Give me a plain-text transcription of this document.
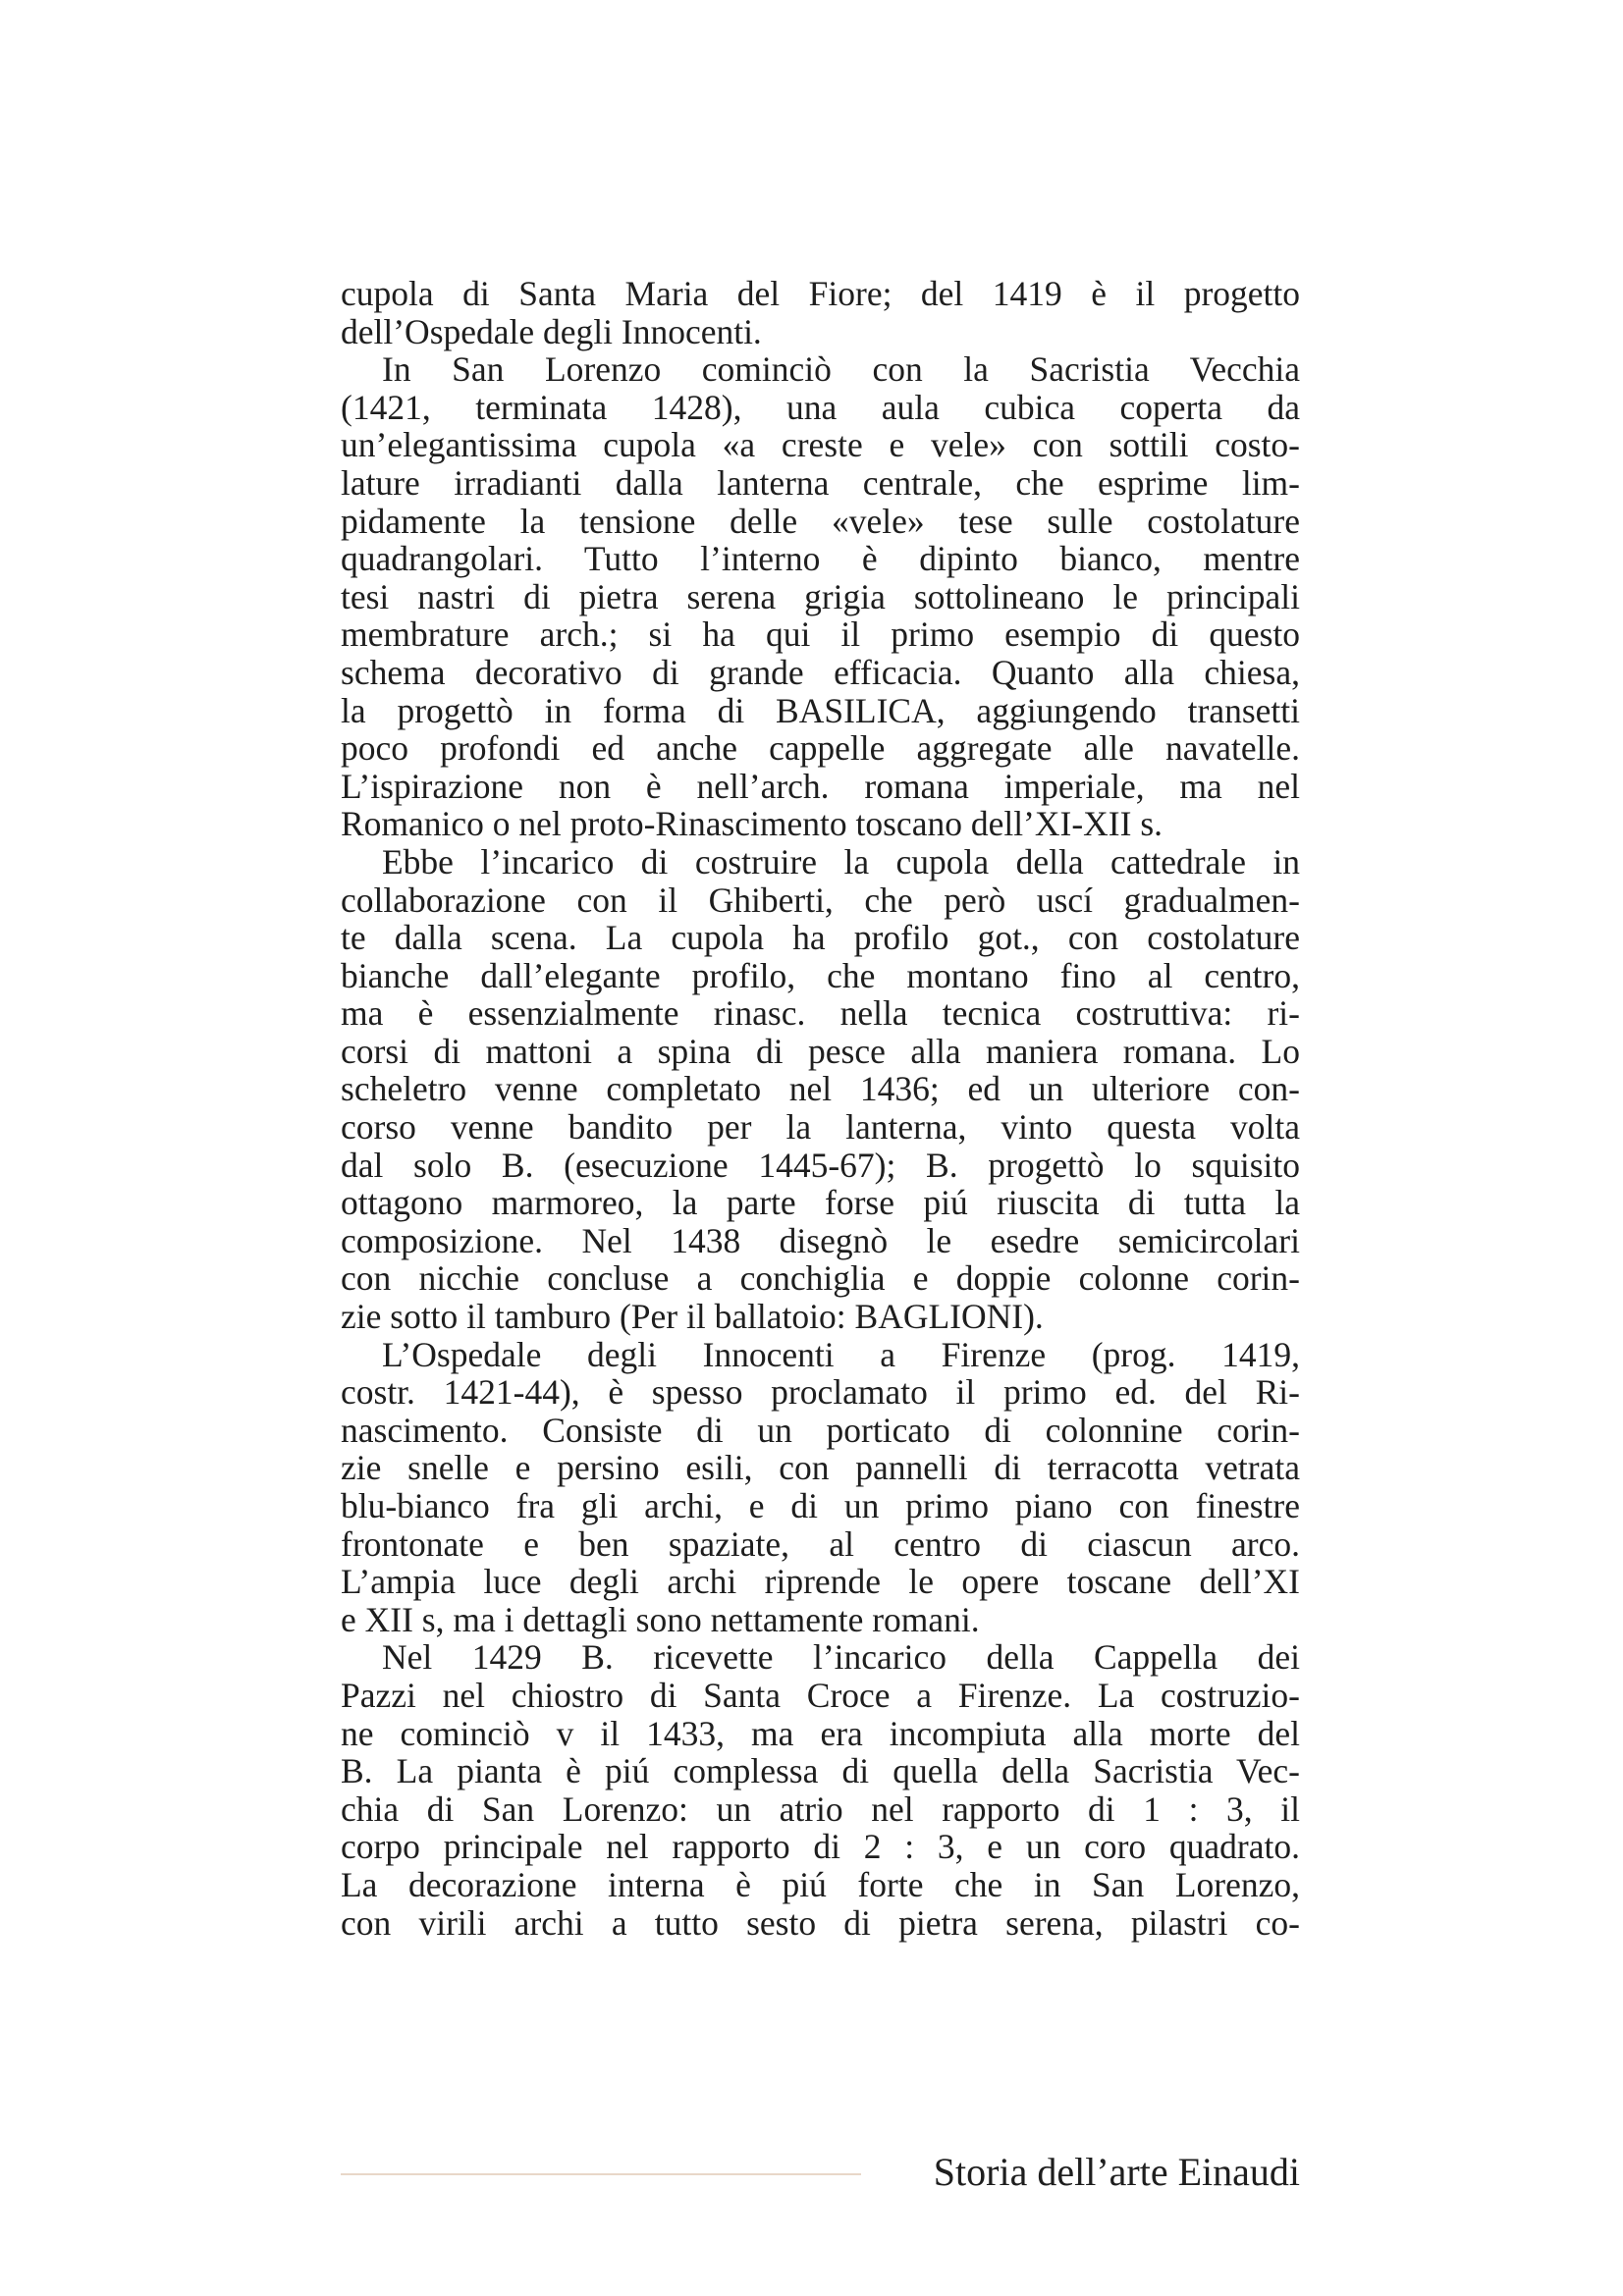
cupola di Santa Maria del Fiore; del 1419 è il progetto
dell’Ospedale degli Innocenti.
In San Lorenzo cominciò con la Sacristia Vecchia
(1421, terminata 1428), una aula cubica coperta da
un’elegantissima cupola «a creste e vele» con sottili costo-
lature irradianti dalla lanterna centrale, che esprime lim-
pidamente la tensione delle «vele» tese sulle costolature
quadrangolari. Tutto l’interno è dipinto bianco, mentre
tesi nastri di pietra serena grigia sottolineano le principali
membrature arch.; si ha qui il primo esempio di questo
schema decorativo di grande efficacia. Quanto alla chiesa,
la progettò in forma di BASILICA, aggiungendo transetti
poco profondi ed anche cappelle aggregate alle navatelle.
L’ispirazione non è nell’arch. romana imperiale, ma nel
Romanico o nel proto-Rinascimento toscano dell’XI-XII s.
Ebbe l’incarico di costruire la cupola della cattedrale in
collaborazione con il Ghiberti, che però uscí gradualmen-
te dalla scena. La cupola ha profilo got., con costolature
bianche dall’elegante profilo, che montano fino al centro,
ma è essenzialmente rinasc. nella tecnica costruttiva: ri-
corsi di mattoni a spina di pesce alla maniera romana. Lo
scheletro venne completato nel 1436; ed un ulteriore con-
corso venne bandito per la lanterna, vinto questa volta
dal solo B. (esecuzione 1445-67); B. progettò lo squisito
ottagono marmoreo, la parte forse piú riuscita di tutta la
composizione. Nel 1438 disegnò le esedre semicircolari
con nicchie concluse a conchiglia e doppie colonne corin-
zie sotto il tamburo (Per il ballatoio: BAGLIONI).
L’Ospedale degli Innocenti a Firenze (prog. 1419,
costr. 1421-44), è spesso proclamato il primo ed. del Ri-
nascimento. Consiste di un porticato di colonnine corin-
zie snelle e persino esili, con pannelli di terracotta vetrata
blu-bianco fra gli archi, e di un primo piano con finestre
frontonate e ben spaziate, al centro di ciascun arco.
L’ampia luce degli archi riprende le opere toscane dell’XI
e XII s, ma i dettagli sono nettamente romani.
Nel 1429 B. ricevette l’incarico della Cappella dei
Pazzi nel chiostro di Santa Croce a Firenze. La costruzio-
ne cominciò v il 1433, ma era incompiuta alla morte del
B. La pianta è piú complessa di quella della Sacristia Vec-
chia di San Lorenzo: un atrio nel rapporto di 1 : 3, il
corpo principale nel rapporto di 2 : 3, e un coro quadrato.
La decorazione interna è piú forte che in San Lorenzo,
con virili archi a tutto sesto di pietra serena, pilastri co-
Storia dell’arte Einaudi
